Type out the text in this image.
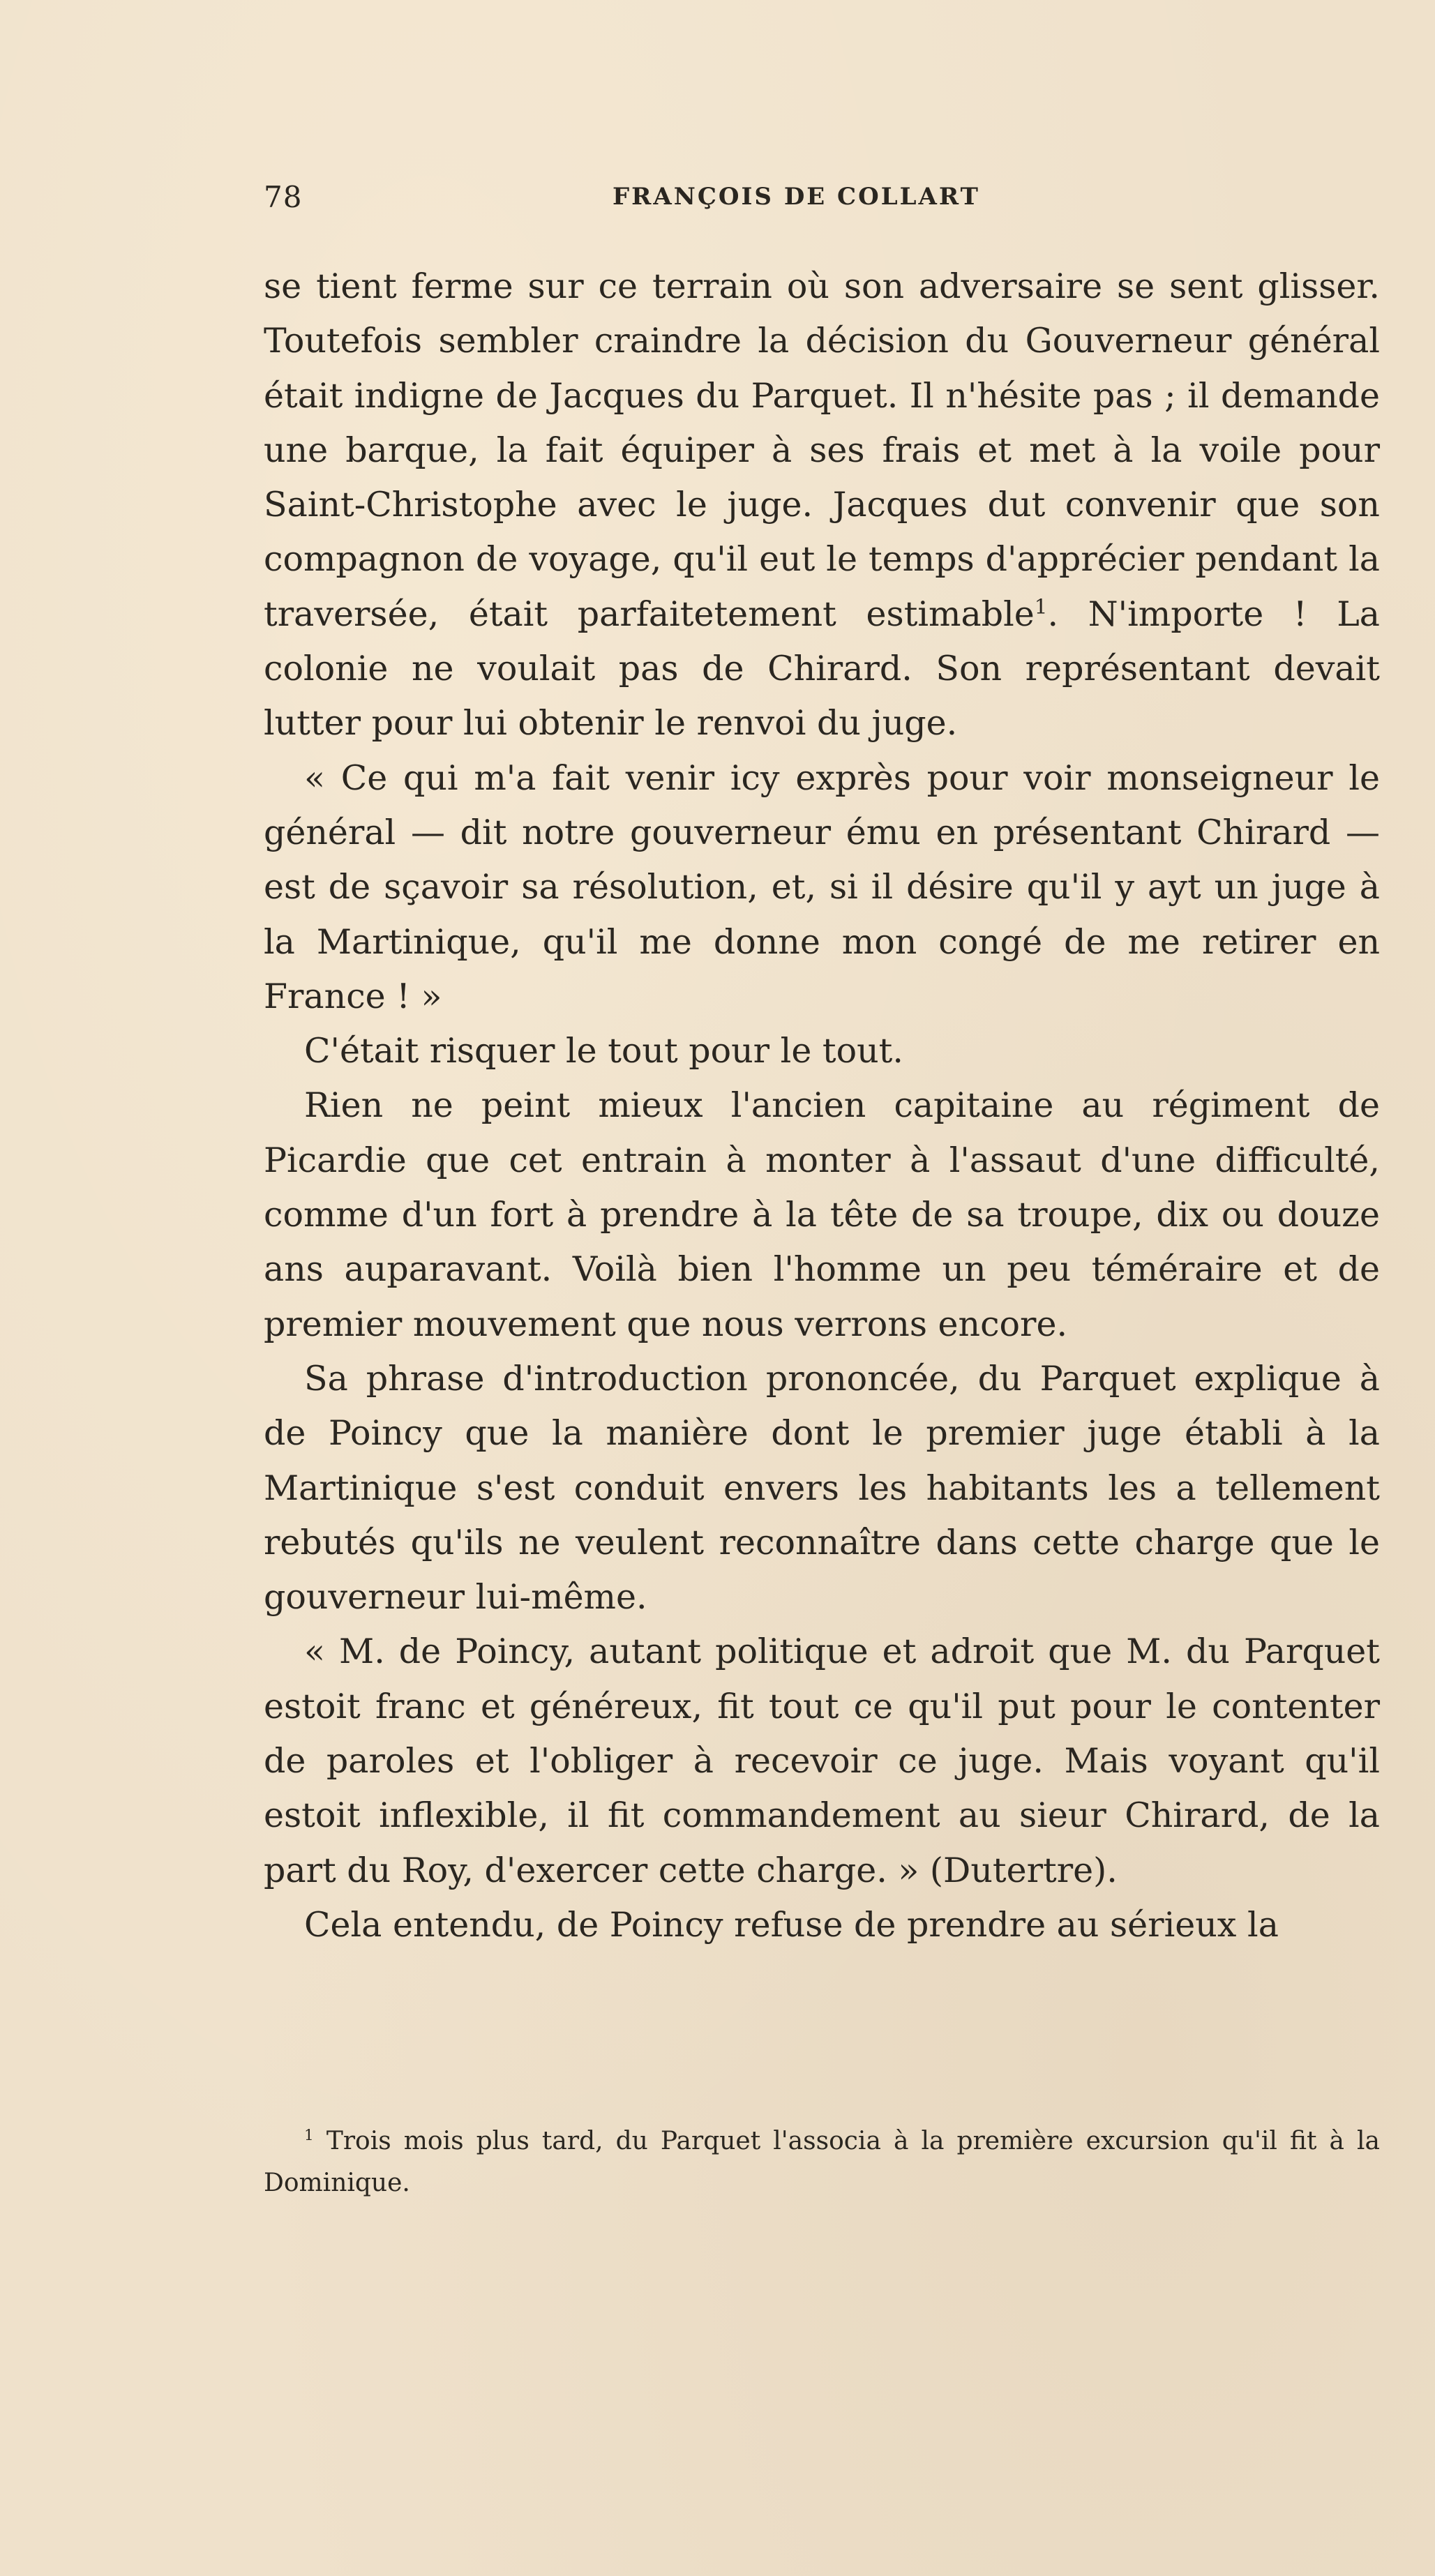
78	FRANÇOIS DE COLLART

se tient ferme sur ce terrain où son adversaire se sent glisser. Toutefois sembler craindre la décision du Gouverneur général était indigne de Jacques du Parquet. Il n'hésite pas ; il demande une barque, la fait équiper à ses frais et met à la voile pour Saint-Christophe avec le juge. Jacques dut convenir que son compagnon de voyage, qu'il eut le temps d'apprécier pendant la traversée, était parfaitetement estimable$^1$. N'importe ! La colonie ne voulait pas de Chirard. Son représentant devait lutter pour lui obtenir le renvoi du juge.

« Ce qui m'a fait venir icy exprès pour voir monseigneur le général — dit notre gouverneur ému en présentant Chirard — est de sçavoir sa résolution, et, si il désire qu'il y ayt un juge à la Martinique, qu'il me donne mon congé de me retirer en France ! »

C'était risquer le tout pour le tout.

Rien ne peint mieux l'ancien capitaine au régiment de Picardie que cet entrain à monter à l'assaut d'une difficulté, comme d'un fort à prendre à la tête de sa troupe, dix ou douze ans auparavant. Voilà bien l'homme un peu téméraire et de premier mouvement que nous verrons encore.

Sa phrase d'introduction prononcée, du Parquet explique à de Poincy que la manière dont le premier juge établi à la Martinique s'est conduit envers les habitants les a tellement rebutés qu'ils ne veulent reconnaître dans cette charge que le gouverneur lui-même.

« M. de Poincy, autant politique et adroit que M. du Parquet estoit franc et généreux, fit tout ce qu'il put pour le contenter de paroles et l'obliger à recevoir ce juge. Mais voyant qu'il estoit inflexible, il fit commandement au sieur Chirard, de la part du Roy, d'exercer cette charge. » (Dutertre).

Cela entendu, de Poincy refuse de prendre au sérieux la

$^1$ Trois mois plus tard, du Parquet l'associa à la première excursion qu'il fit à la Dominique.
